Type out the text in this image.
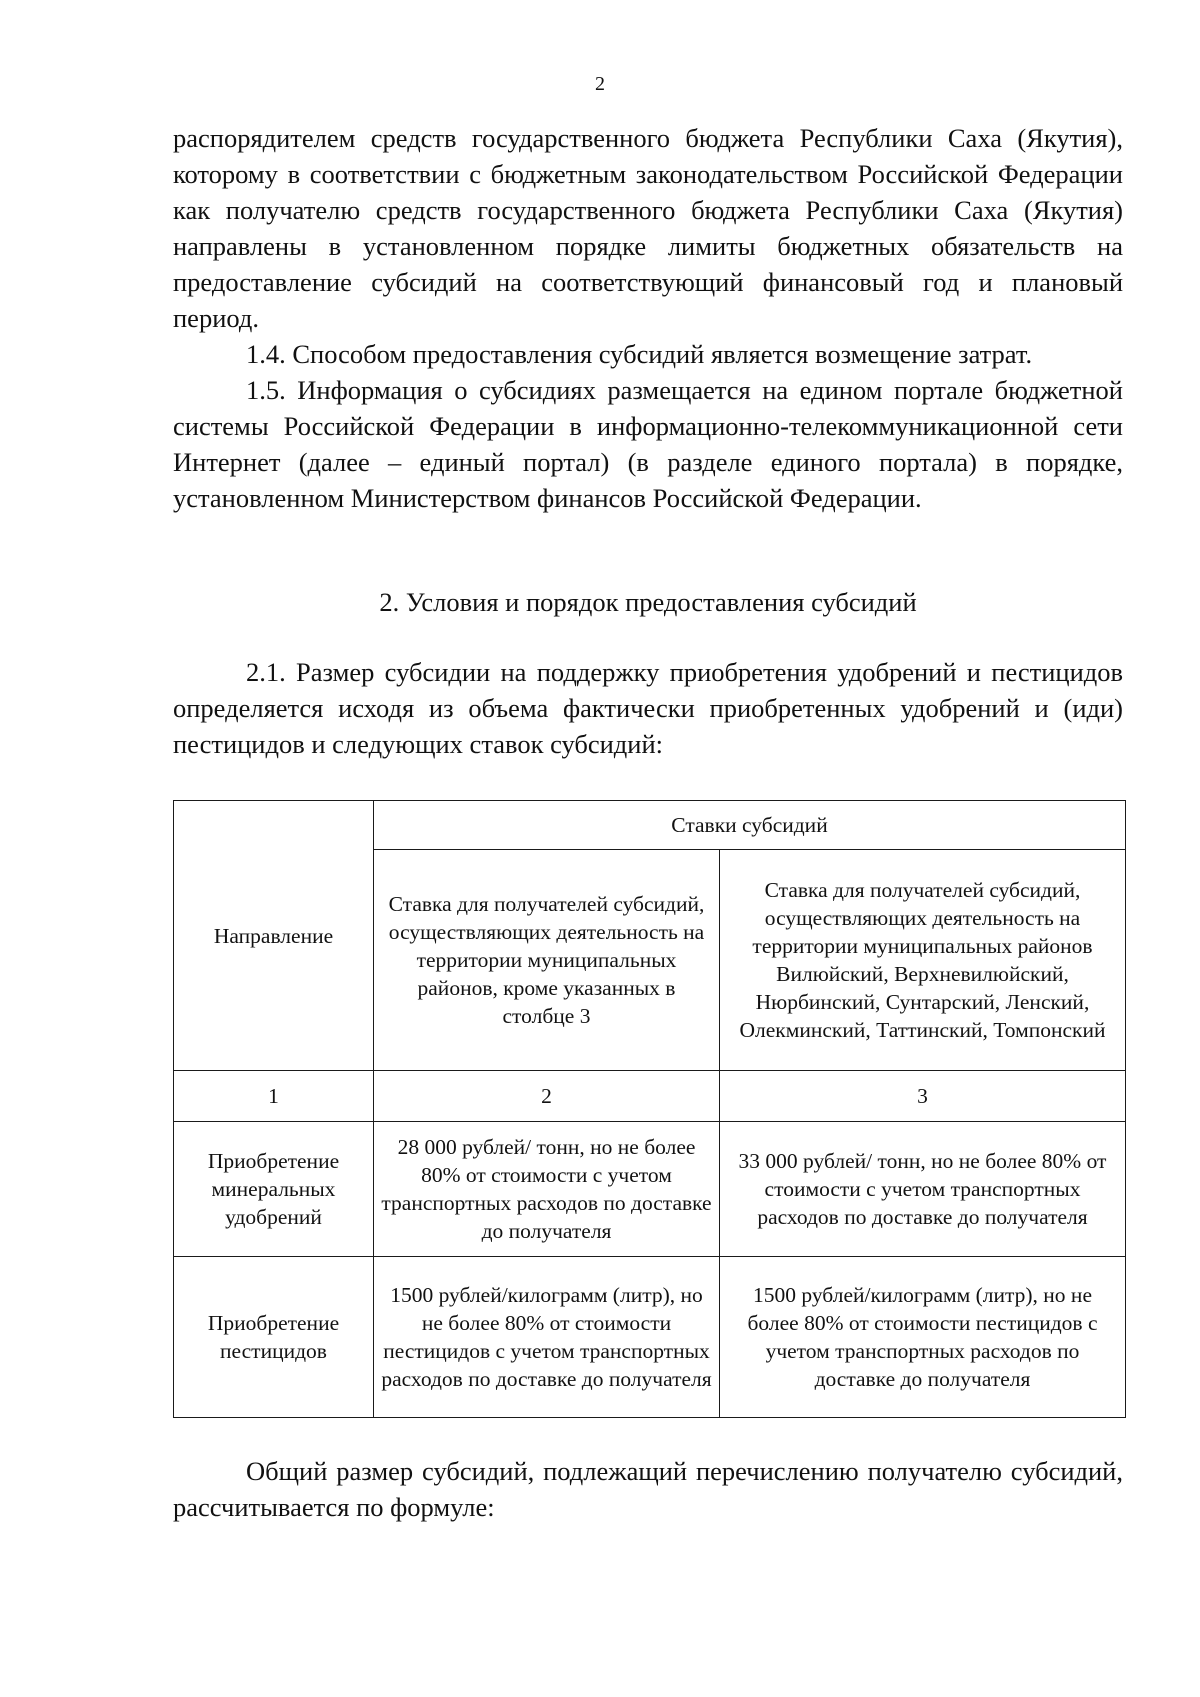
2

распорядителем средств государственного бюджета Республики Саха (Якутия), которому в соответствии с бюджетным законодательством Российской Федерации как получателю средств государственного бюджета Республики Саха (Якутия) направлены в установленном порядке лимиты бюджетных обязательств на предоставление субсидий на соответствующий финансовый год и плановый период.

1.4. Способом предоставления субсидий является возмещение затрат.

1.5. Информация о субсидиях размещается на едином портале бюджетной системы Российской Федерации в информационно-телекоммуникационной сети Интернет (далее – единый портал) (в разделе единого портала) в порядке, установленном Министерством финансов Российской Федерации.

2. Условия и порядок предоставления субсидий

2.1. Размер субсидии на поддержку приобретения удобрений и пестицидов определяется исходя из объема фактически приобретенных удобрений и (иди) пестицидов и следующих ставок субсидий:

Направление	Ставки субсидий	
	Ставка для получателей субсидий, осуществляющих деятельность на территории муниципальных районов, кроме указанных в столбце 3	Ставка для получателей субсидий, осуществляющих деятельность на территории муниципальных районов Вилюйский, Верхневилюйский, Нюрбинский, Сунтарский, Ленский, Олекминский, Таттинский, Томпонский
1	2	3
Приобретение минеральных удобрений	28 000 рублей/ тонн, но не более 80% от стоимости с учетом транспортных расходов по доставке до получателя	33 000 рублей/ тонн, но не более 80% от стоимости с учетом транспортных расходов по доставке до получателя
Приобретение пестицидов	1500 рублей/килограмм (литр), но не более 80% от стоимости пестицидов с учетом транспортных расходов по доставке до получателя	1500 рублей/килограмм (литр), но не более 80% от стоимости пестицидов с учетом транспортных расходов по доставке до получателя

Общий размер субсидий, подлежащий перечислению получателю субсидий, рассчитывается по формуле:
